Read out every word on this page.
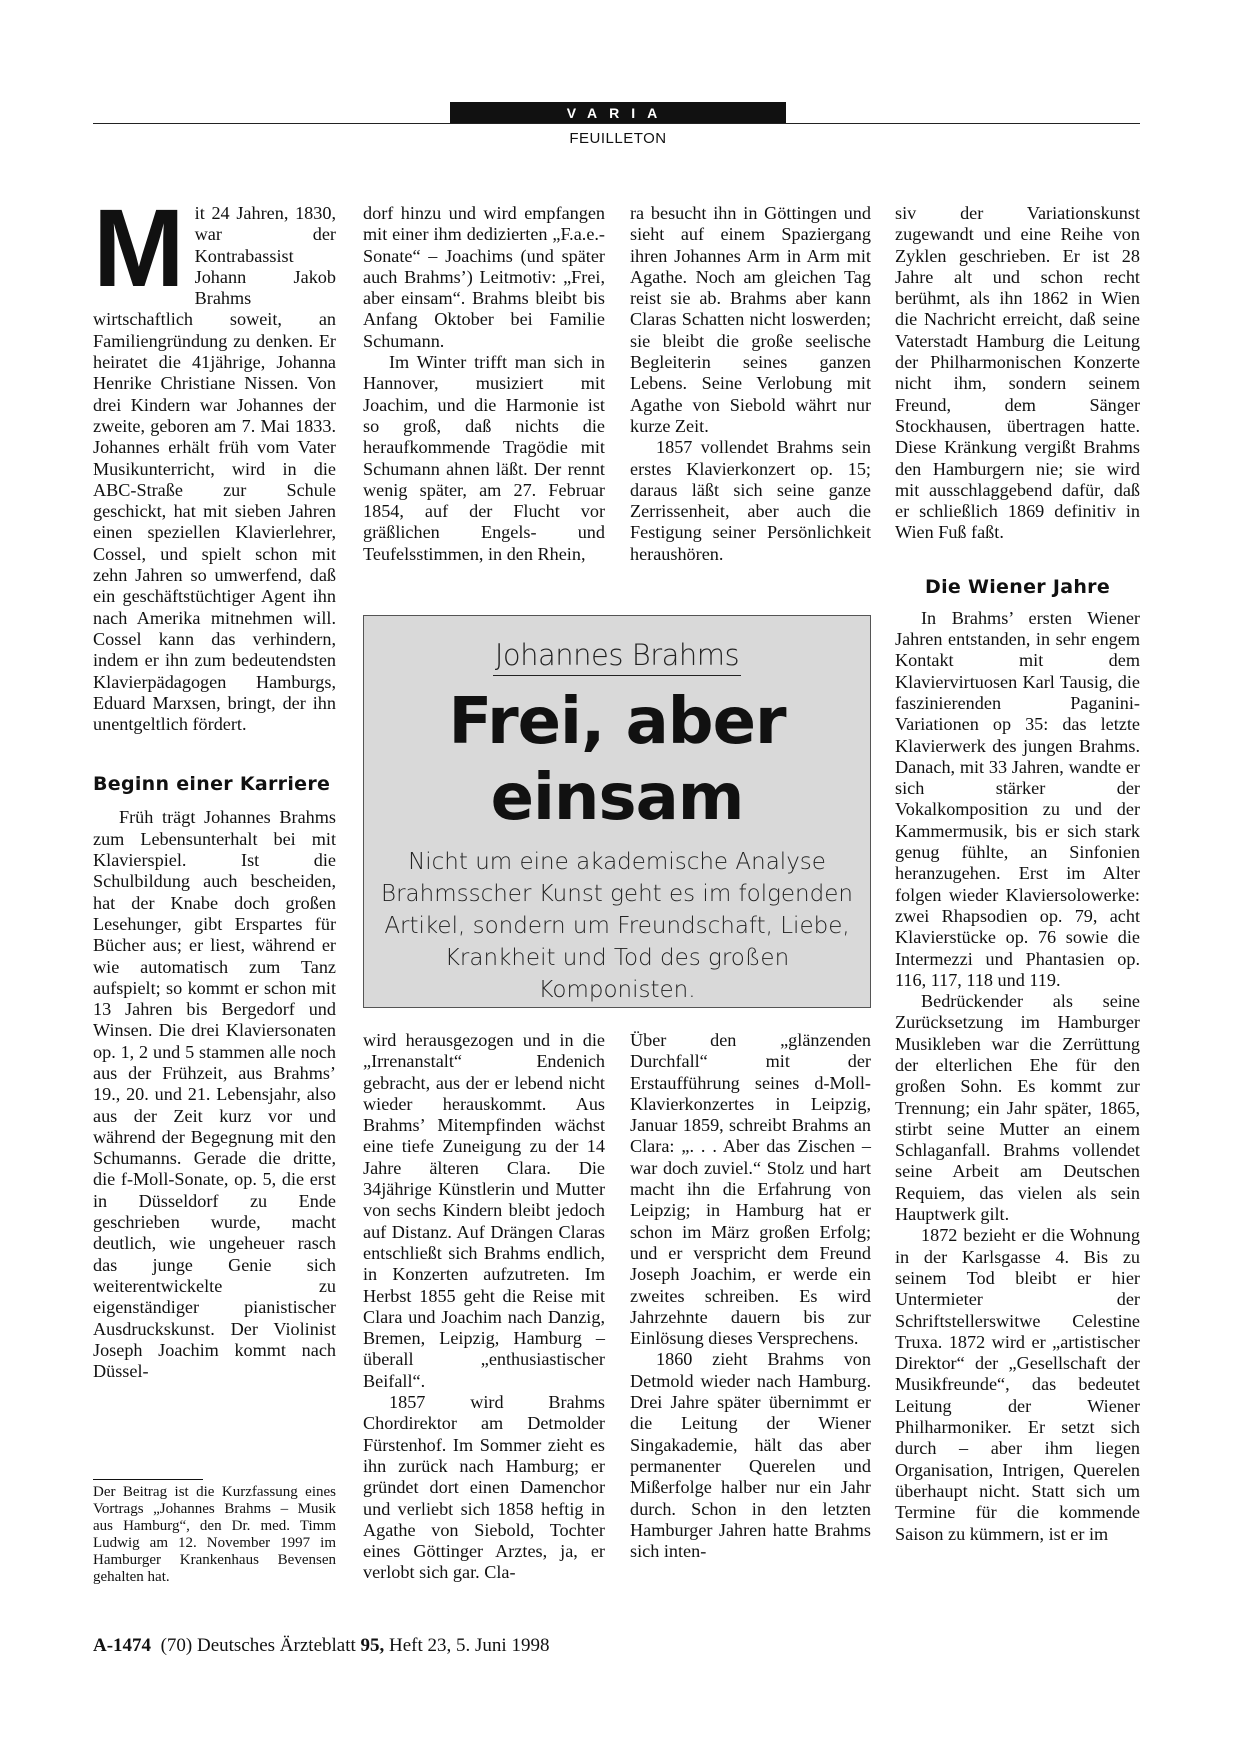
VARIA
FEUILLETON

Mit 24 Jahren, 1830, war der Kontrabassist Johann Jakob Brahms wirtschaftlich soweit, an Familiengründung zu denken. Er heiratet die 41jährige, Johanna Henrike Christiane Nissen. Von drei Kindern war Johannes der zweite, geboren am 7. Mai 1833. Johannes erhält früh vom Vater Musikunterricht, wird in die ABC-Straße zur Schule geschickt, hat mit sieben Jahren einen speziellen Klavierlehrer, Cossel, und spielt schon mit zehn Jahren so umwerfend, daß ein geschäftstüchtiger Agent ihn nach Amerika mitnehmen will. Cossel kann das verhindern, indem er ihn zum bedeutendsten Klavierpädagogen Hamburgs, Eduard Marxsen, bringt, der ihn unentgeltlich fördert.

Beginn einer Karriere

Früh trägt Johannes Brahms zum Lebensunterhalt bei mit Klavierspiel. Ist die Schulbildung auch bescheiden, hat der Knabe doch großen Lesehunger, gibt Erspartes für Bücher aus; er liest, während er wie automatisch zum Tanz aufspielt; so kommt er schon mit 13 Jahren bis Bergedorf und Winsen. Die drei Klaviersonaten op. 1, 2 und 5 stammen alle noch aus der Frühzeit, aus Brahms’ 19., 20. und 21. Lebensjahr, also aus der Zeit kurz vor und während der Begegnung mit den Schumanns. Gerade die dritte, die f-Moll-Sonate, op. 5, die erst in Düsseldorf zu Ende geschrieben wurde, macht deutlich, wie ungeheuer rasch das junge Genie sich weiterentwickelte zu eigenständiger pianistischer Ausdruckskunst. Der Violinist Joseph Joachim kommt nach Düssel-

Der Beitrag ist die Kurzfassung eines Vortrags „Johannes Brahms – Musik aus Hamburg“, den Dr. med. Timm Ludwig am 12. November 1997 im Hamburger Krankenhaus Bevensen gehalten hat.

dorf hinzu und wird empfangen mit einer ihm dedizierten „F.a.e.-Sonate“ – Joachims (und später auch Brahms’) Leitmotiv: „Frei, aber einsam“. Brahms bleibt bis Anfang Oktober bei Familie Schumann.

Im Winter trifft man sich in Hannover, musiziert mit Joachim, und die Harmonie ist so groß, daß nichts die heraufkommende Tragödie mit Schumann ahnen läßt. Der rennt wenig später, am 27. Februar 1854, auf der Flucht vor gräßlichen Engels- und Teufelsstimmen, in den Rhein,

ra besucht ihn in Göttingen und sieht auf einem Spaziergang ihren Johannes Arm in Arm mit Agathe. Noch am gleichen Tag reist sie ab. Brahms aber kann Claras Schatten nicht loswerden; sie bleibt die große seelische Begleiterin seines ganzen Lebens. Seine Verlobung mit Agathe von Siebold währt nur kurze Zeit.

1857 vollendet Brahms sein erstes Klavierkonzert op. 15; daraus läßt sich seine ganze Zerrissenheit, aber auch die Festigung seiner Persönlichkeit heraushören.

Johannes Brahms
Frei, aber
einsam
Nicht um eine akademische Analyse Brahmsscher Kunst geht es im folgenden Artikel, sondern um Freundschaft, Liebe, Krankheit und Tod des großen Komponisten.

wird herausgezogen und in die „Irrenanstalt“ Endenich gebracht, aus der er lebend nicht wieder herauskommt. Aus Brahms’ Mitempfinden wächst eine tiefe Zuneigung zu der 14 Jahre älteren Clara. Die 34jährige Künstlerin und Mutter von sechs Kindern bleibt jedoch auf Distanz. Auf Drängen Claras entschließt sich Brahms endlich, in Konzerten aufzutreten. Im Herbst 1855 geht die Reise mit Clara und Joachim nach Danzig, Bremen, Leipzig, Hamburg – überall „enthusiastischer Beifall“.

1857 wird Brahms Chordirektor am Detmolder Fürstenhof. Im Sommer zieht es ihn zurück nach Hamburg; er gründet dort einen Damenchor und verliebt sich 1858 heftig in Agathe von Siebold, Tochter eines Göttinger Arztes, ja, er verlobt sich gar. Cla-

Über den „glänzenden Durchfall“ mit der Erstaufführung seines d-Moll-Klavierkonzertes in Leipzig, Januar 1859, schreibt Brahms an Clara: „. . . Aber das Zischen – war doch zuviel.“ Stolz und hart macht ihn die Erfahrung von Leipzig; in Hamburg hat er schon im März großen Erfolg; und er verspricht dem Freund Joseph Joachim, er werde ein zweites schreiben. Es wird Jahrzehnte dauern bis zur Einlösung dieses Versprechens.

1860 zieht Brahms von Detmold wieder nach Hamburg. Drei Jahre später übernimmt er die Leitung der Wiener Singakademie, hält das aber permanenter Querelen und Mißerfolge halber nur ein Jahr durch. Schon in den letzten Hamburger Jahren hatte Brahms sich inten-

siv der Variationskunst zugewandt und eine Reihe von Zyklen geschrieben. Er ist 28 Jahre alt und schon recht berühmt, als ihn 1862 in Wien die Nachricht erreicht, daß seine Vaterstadt Hamburg die Leitung der Philharmonischen Konzerte nicht ihm, sondern seinem Freund, dem Sänger Stockhausen, übertragen hatte. Diese Kränkung vergißt Brahms den Hamburgern nie; sie wird mit ausschlaggebend dafür, daß er schließlich 1869 definitiv in Wien Fuß faßt.

Die Wiener Jahre

In Brahms’ ersten Wiener Jahren entstanden, in sehr engem Kontakt mit dem Klaviervirtuosen Karl Tausig, die faszinierenden Paganini-Variationen op 35: das letzte Klavierwerk des jungen Brahms. Danach, mit 33 Jahren, wandte er sich stärker der Vokalkomposition zu und der Kammermusik, bis er sich stark genug fühlte, an Sinfonien heranzugehen. Erst im Alter folgen wieder Klaviersolowerke: zwei Rhapsodien op. 79, acht Klavierstücke op. 76 sowie die Intermezzi und Phantasien op. 116, 117, 118 und 119.

Bedrückender als seine Zurücksetzung im Hamburger Musikleben war die Zerrüttung der elterlichen Ehe für den großen Sohn. Es kommt zur Trennung; ein Jahr später, 1865, stirbt seine Mutter an einem Schlaganfall. Brahms vollendet seine Arbeit am Deutschen Requiem, das vielen als sein Hauptwerk gilt.

1872 bezieht er die Wohnung in der Karlsgasse 4. Bis zu seinem Tod bleibt er hier Untermieter der Schriftstellerswitwe Celestine Truxa. 1872 wird er „artistischer Direktor“ der „Gesellschaft der Musikfreunde“, das bedeutet Leitung der Wiener Philharmoniker. Er setzt sich durch – aber ihm liegen Organisation, Intrigen, Querelen überhaupt nicht. Statt sich um Termine für die kommende Saison zu kümmern, ist er im

A-1474 (70) Deutsches Ärzteblatt 95, Heft 23, 5. Juni 1998
